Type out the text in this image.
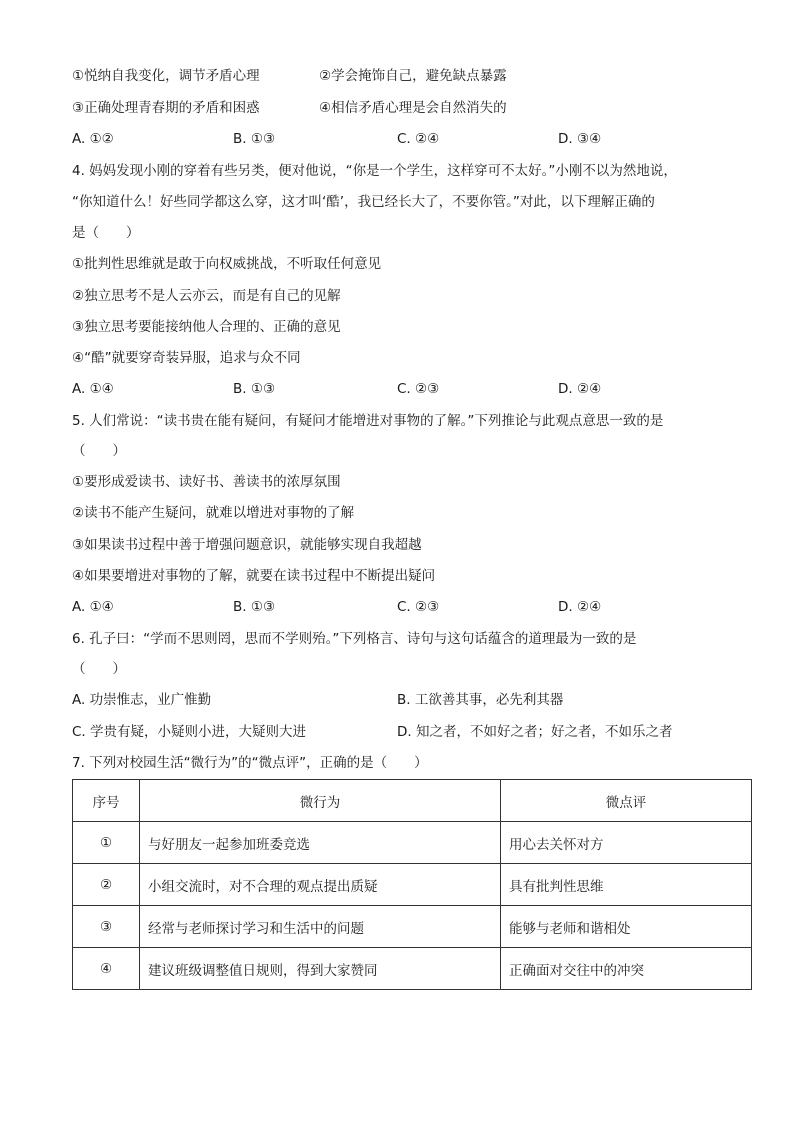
①悦纳自我变化，调节矛盾心理	②学会掩饰自己，避免缺点暴露
③正确处理青春期的矛盾和困惑	④相信矛盾心理是会自然消失的
A. ①②	B. ①③	C. ②④	D. ③④
4. 妈妈发现小刚的穿着有些另类，便对他说，“你是一个学生，这样穿可不太好。”小刚不以为然地说，
“你知道什么！好些同学都这么穿，这才叫‘酷’，我已经长大了，不要你管。”对此，以下理解正确的
是（　　）
①批判性思维就是敢于向权威挑战，不听取任何意见
②独立思考不是人云亦云，而是有自己的见解
③独立思考要能接纳他人合理的、正确的意见
④“酷”就要穿奇装异服，追求与众不同
A. ①④	B. ①③	C. ②③	D. ②④
5. 人们常说：“读书贵在能有疑问，有疑问才能增进对事物的了解。”下列推论与此观点意思一致的是
（　　）
①要形成爱读书、读好书、善读书的浓厚氛围
②读书不能产生疑问，就难以增进对事物的了解
③如果读书过程中善于增强问题意识，就能够实现自我超越
④如果要增进对事物的了解，就要在读书过程中不断提出疑问
A. ①④	B. ①③	C. ②③	D. ②④
6. 孔子曰：“学而不思则罔，思而不学则殆。”下列格言、诗句与这句话蕴含的道理最为一致的是
（　　）
A. 功崇惟志，业广惟勤	B. 工欲善其事，必先利其器
C. 学贵有疑，小疑则小进，大疑则大进	D. 知之者，不如好之者；好之者，不如乐之者
7. 下列对校园生活“微行为”的“微点评”，正确的是（　　）
序号	微行为	微点评
①	与好朋友一起参加班委竞选	用心去关怀对方
②	小组交流时，对不合理的观点提出质疑	具有批判性思维
③	经常与老师探讨学习和生活中的问题	能够与老师和谐相处
④	建议班级调整值日规则，得到大家赞同	正确面对交往中的冲突
